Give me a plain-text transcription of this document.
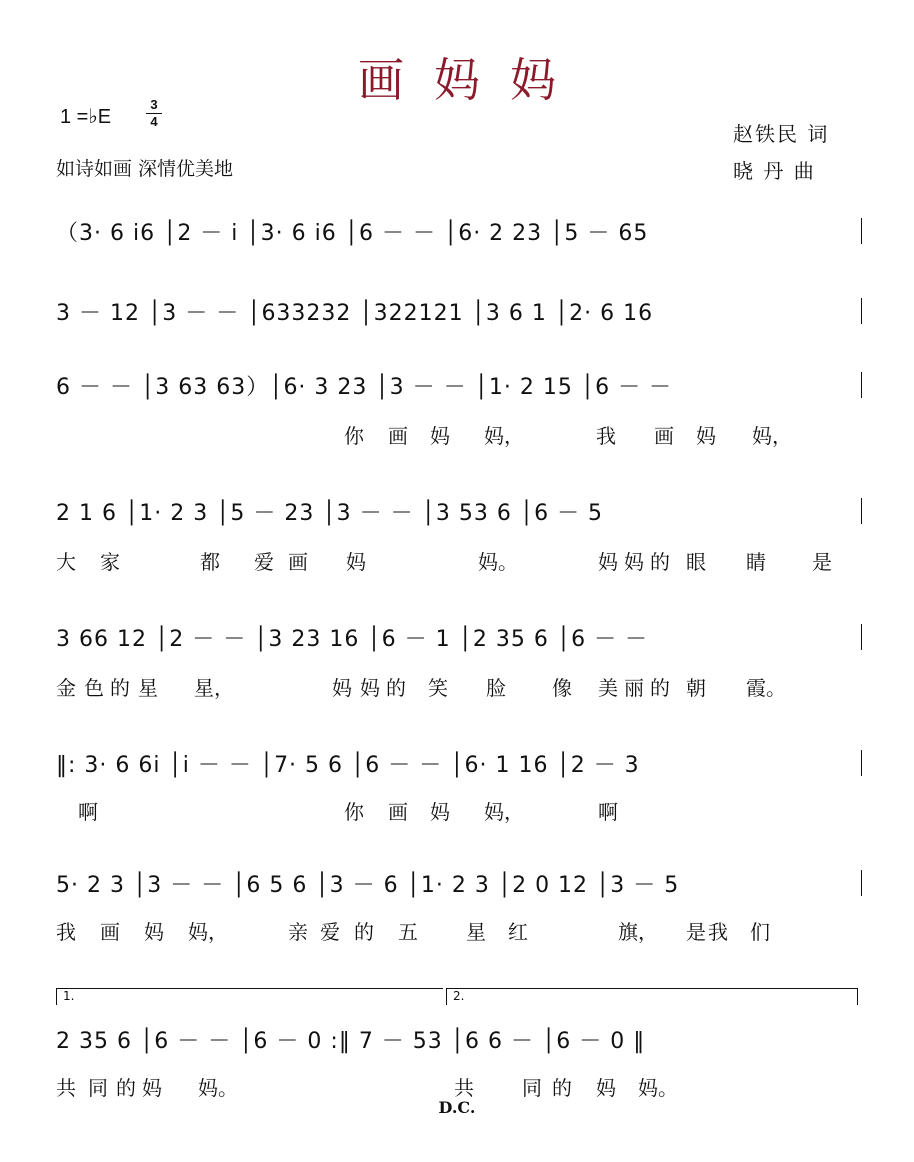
画妈妈
1 =♭E
3
4
如诗如画 深情优美地
赵铁民 词
晓 丹 曲
（3· 6 i6 │2 － i │3· 6 i6 │6 － － │6· 2 23 │5 － 65
3 － 12 │3 － － │633232 │322121 │3 6 1 │2· 6 16
6 － － │3 63 63）│6· 3 23 │3 － － │1· 2 15 │6 － －
你 画 妈 妈，	我 画 妈 妈，
2 1 6 │1· 2 3 │5 － 23 │3 － － │3 53 6 │6 － 5
大 家	都 爱 画 妈	妈。	妈 妈 的 眼 睛 是
3 66 12 │2 － － │3 23 16 │6 － 1 │2 35 6 │6 － －
金 色 的 星 星，	妈 妈 的 笑 脸 像 美 丽 的 朝 霞。
‖: 3· 6 6i │i － － │7· 5 6 │6 － － │6· 1 16 │2 － 3
啊	你 画 妈 妈，	啊
5· 2 3 │3 － － │6 5 6 │3 － 6 │1· 2 3 │2 0 12 │3 － 5
我 画 妈 妈，	亲 爱 的 五 星 红	旗， 是 我 们
1.	2.
2 35 6 │6 － － │6 － 0 :‖ 7 － 53 │6 6 － │6 － 0 ‖
共 同 的 妈 妈。	共 同 的 妈 妈。
D.C.
